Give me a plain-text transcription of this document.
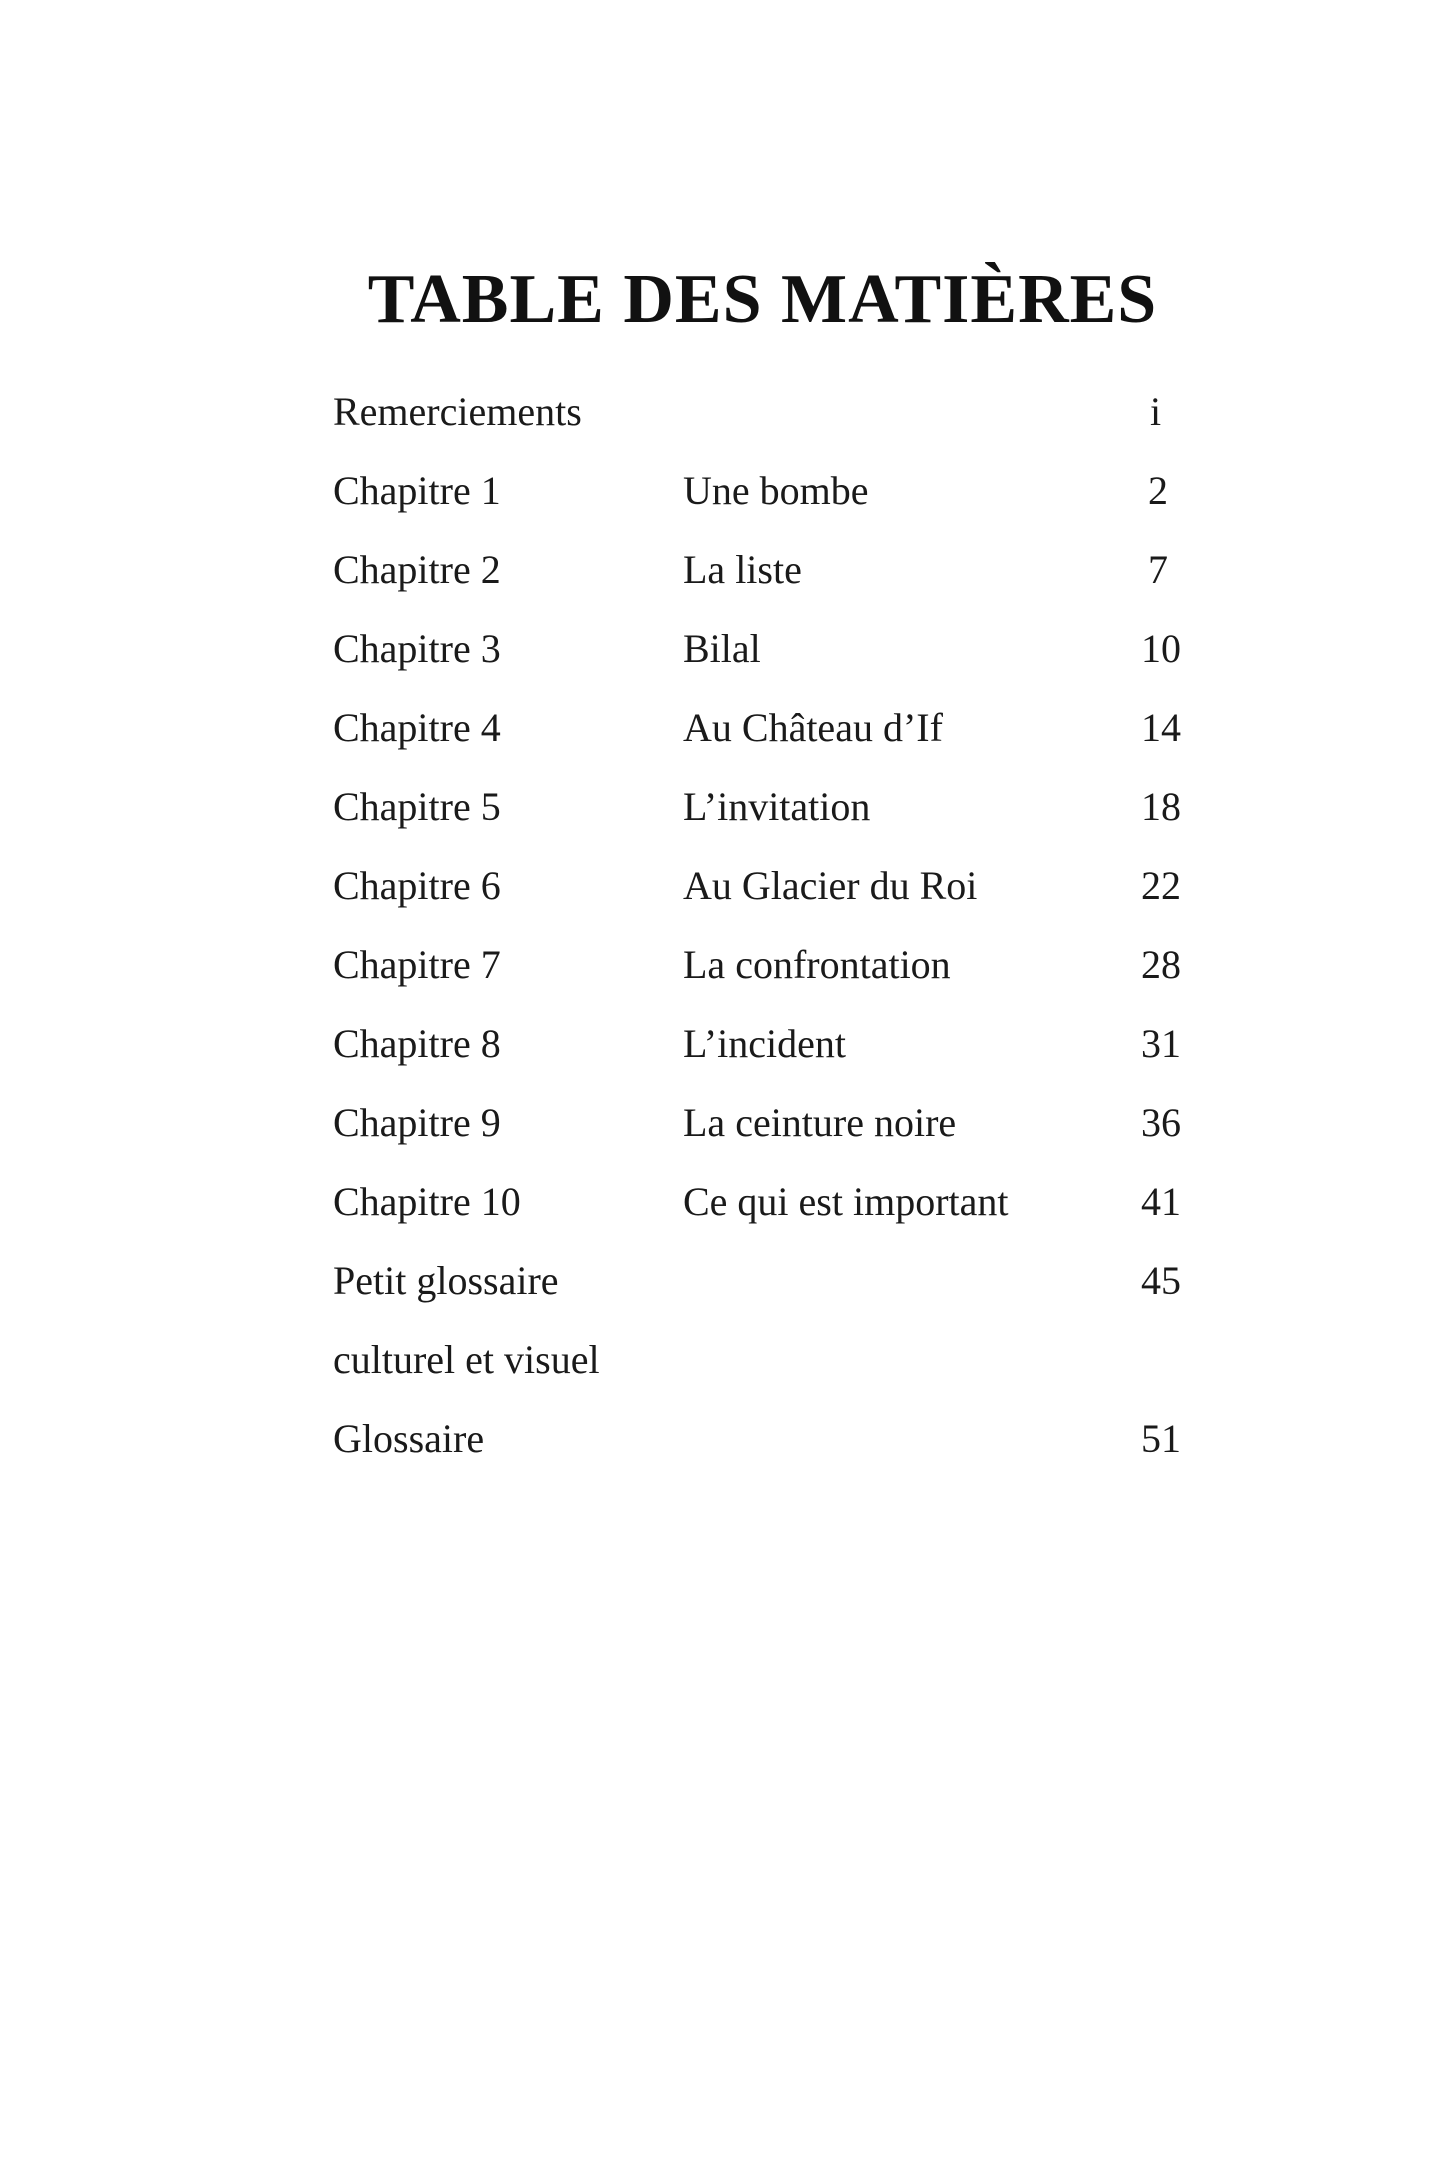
TABLE DES MATIÈRES
Remerciements	i
Chapitre 1	Une bombe	2
Chapitre 2	La liste	7
Chapitre 3	Bilal	10
Chapitre 4	Au Château d’If	14
Chapitre 5	L’invitation	18
Chapitre 6	Au Glacier du Roi	22
Chapitre 7	La confrontation	28
Chapitre 8	L’incident	31
Chapitre 9	La ceinture noire	36
Chapitre 10	Ce qui est important	41
Petit glossaire	45
culturel et visuel
Glossaire	51
